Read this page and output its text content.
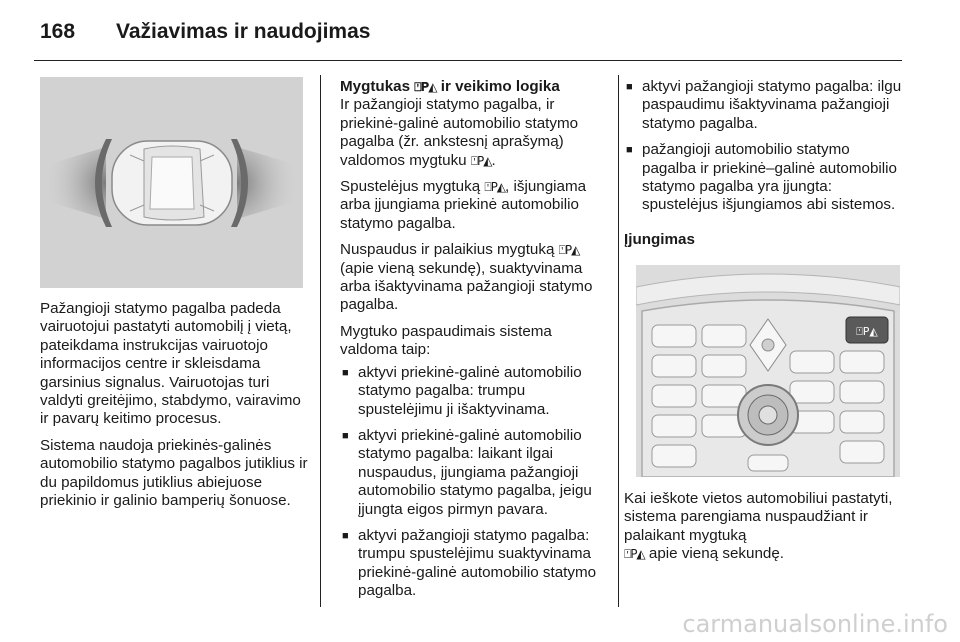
168 Važiavimas ir naudojimas

Pažangioji statymo pagalba padeda vairuotojui pastatyti automobilį į vietą, pateikdama instrukcijas vairuotojo informacijos centre ir skleisdama garsinius signalus. Vairuotojas turi valdyti greitėjimo, stabdymo, vairavimo ir pavarų keitimo procesus.

Sistema naudoja priekinės-galinės automobilio statymo pagalbos jutiklius ir du papildomus jutiklius abiejuose priekinio ir galinio bamperių šonuose.

Mygtukas ⍞P◭ ir veikimo logika

Ir pažangioji statymo pagalba, ir priekinė-galinė automobilio statymo pagalba (žr. ankstesnį aprašymą) valdomos mygtuku ⍞P◭.

Spustelėjus mygtuką ⍞P◭, išjungiama arba įjungiama priekinė automobilio statymo pagalba.

Nuspaudus ir palaikius mygtuką ⍞P◭ (apie vieną sekundę), suaktyvinama arba išaktyvinama pažangioji statymo pagalba.

Mygtuko paspaudimais sistema valdoma taip:

■ aktyvi priekinė-galinė automobilio statymo pagalba: trumpu spustelėjimu ji išaktyvinama.
■ aktyvi priekinė-galinė automobilio statymo pagalba: laikant ilgai nuspaudus, įjungiama pažangioji automobilio statymo pagalba, jeigu įjungta eigos pirmyn pavara.
■ aktyvi pažangioji statymo pagalba: trumpu spustelėjimu suaktyvinama priekinė-galinė automobilio statymo pagalba.
■ aktyvi pažangioji statymo pagalba: ilgu paspaudimu išaktyvinama pažangioji statymo pagalba.
■ pažangioji automobilio statymo pagalba ir priekinė–galinė automobilio statymo pagalba yra įjungta: spustelėjus išjungiamos abi sistemos.

Įjungimas

⍞P◭

Kai ieškote vietos automobiliui pastatyti, sistema parengiama nuspaudžiant ir palaikant mygtuką
⍞P◭ apie vieną sekundę.

carmanualsonline.info
